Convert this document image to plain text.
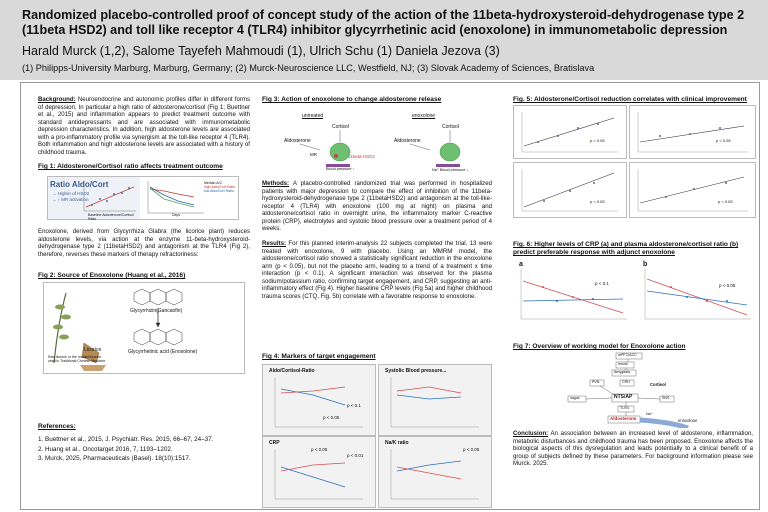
Randomized placebo-controlled proof of concept study of the action of the 11beta-hydroxysteroid-dehydrogenase type 2 (11beta HSD2) and toll like receptor 4 (TLR4) inhibitor glycyrrhetinic acid (enoxolone) in immunometabolic depression
Harald Murck (1,2), Salome Tayefeh Mahmoudi (1), Ulrich Schu (1) Daniela Jezova (3)
(1) Philipps-University Marburg, Marburg, Germany; (2) Murck-Neuroscience LLC, Westfield, NJ; (3) Slovak Academy of Sciences, Bratislava
Background: Neuroendocrine and autonomic profiles differ in different forms of depression. In particular a high ratio of aldosterone/cortisol (Fig 1; Buettner et al., 2015) and inflammation appears to predict treatment outcome with standard antidepressants and are associated with immunometabolic depression characteristics. In addition, high aldosterone levels are associated with a pro-inflammatory profile via synergism at the toll-like receptor 4 (TLR4). Both inflammation and high aldosterone levels are associated with a history of childhood trauma.
Fig 1: Aldosterone/Cortisol ratio affects treatment outcome
Ratio Aldo/Cort
→ Higher of HSD2
→ ↑ MR activation
Baseline Aldosterone/Cortisol Ratio
Median A/C
high Aldo/Cort Ratio
low Aldo/Cort Ratio
Days
Enoxolone, derived from Glycyrrhiza Glabra (the licorice plant) reduces aldosterone levels, via action at the enzyme 11-beta-hydroxysteroid-dehydrogenase type 2 (11betaHSD2) and antagonism at the TLR4 (Fig 2), therefore, reverses these markers of therapy refractoriness:
Fig 2: Source of Enoxolone (Huang et al., 2016)
Glycyrrhizin(Gancaofin)
Licorice	Glycyrrhetinic acid (Enoxolone)
Raw licorice or the roasted licorice used in Traditional Chinese Medicine
References:
1. Buettner et al., 2015, J. Psychiatr. Res. 2015, 66–67, 24–37.
2. Huang et al., Oncotarget 2016, 7, 1193–1202.
3. Murck, 2025, Pharmaceuticals (Basel). 18(10):1517.
Fig 3: Action of enoxolone to change aldosterone release
untreated	enoxolone
Cortisol	Cortisol
Aldosterone	Aldosterone
11beta-HSD2
MR
Blood pressure ↑	Na⁺ Blood pressure ↓
Methods: A placebo-controlled randomized trial was performed in hospitalized patients with major depression to compare the effect of inhibition of the 11beta-hydroxysteroid-dehydrogenase type 2 (11betaHSD2) and antagonism at the toll-like-receptor 4 (TLR4) with enoxolone (100 mg at night) on plasma and aldosterone/cortisol ratio in overnight urine, the inflammatory marker C-reactive protein (CRP), electrolytes and systolic blood pressure over a treatment period of 4 weeks.
Results: For this planned interim-analysis 22 subjects completed the trial. 13 were treated with enoxolone, 9 with placebo. Using an MMRM model, the aldosterone/cortisol ratio showed a statistically significant reduction in the enoxolone arm (p < 0.05), but not the placebo arm, leading to a trend of a treatment x time interaction (p < 0.1). A significant interaction was observed for the plasma sodium/potassium ratio, confirming target engagement, and CRP, suggesting an anti-inflammatory effect (Fig 4). Higher baseline CRP levels (Fig 5a) and higher childhood trauma scores (CTQ, Fig. 5b) correlate with a favorable response to enoxolone.
Fig 4: Markers of target engagement
Aldo/Cortisol-Ratio
p < 0.1
p < 0.05
Systolic Blood pressure...
CRP
p < 0.05
p < 0.01
Na/K ratio
p < 0.05
Fig. 5: Aldosterone/Cortisol reduction correlates with clinical improvement
p < 0.05	p < 0.05
p < 0.05	p < 0.05
Fig. 6: Higher levels of CRP (a) and plasma aldosterone/cortisol ratio (b) predict preferable response with adjunct enoxolone
a
p < 0.1
b
p < 0.05
Fig 7: Overview of working model for Enoxolone action
mPFC/ACC
Insula
Amygdala
PVN	CRH	Cortisol
vagus	NTS/AP	SNS
TLR4
Aldosterone
Na⁺
enoxolone
Conclusion: An association between an increased level of aldosterone, inflammation, metabolic disturbances and childhood trauma has been proposed. Enoxolone affects the biological aspects of this dysregulation and leads potentially to a clinical benefit of a group of subjects defined by these parameters. For background information please see Murck. 2025.
